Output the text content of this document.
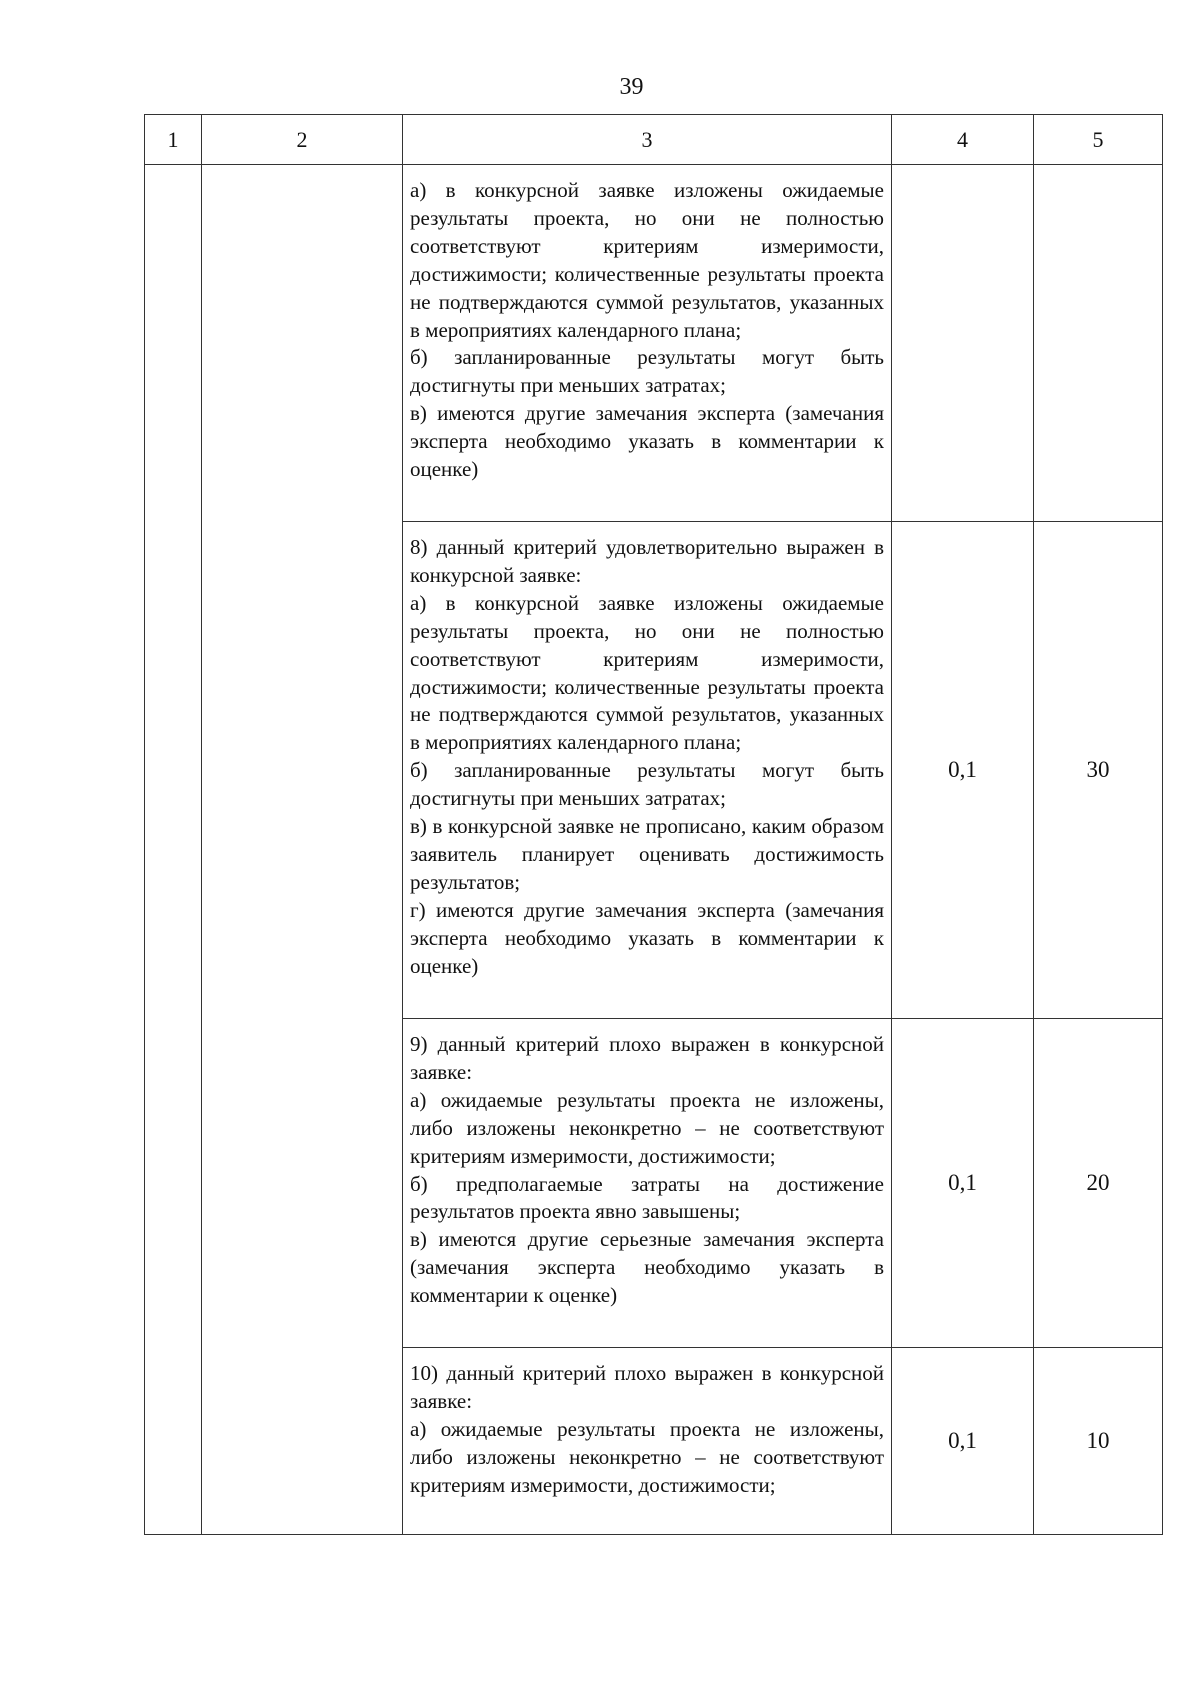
39
1	2	3	4	5

		а) в конкурсной заявке изложены ожидаемые результаты проекта, но они не полностью соответствуют критериям измеримости, достижимости; количественные результаты проекта не подтверждаются суммой результатов, указанных в мероприятиях календарного плана;
б) запланированные результаты могут быть достигнуты при меньших затратах;
в) имеются другие замечания эксперта (замечания эксперта необходимо указать в комментарии к оценке)		

		8) данный критерий удовлетворительно выражен в конкурсной заявке:
а) в конкурсной заявке изложены ожидаемые результаты проекта, но они не полностью соответствуют критериям измеримости, достижимости; количественные результаты проекта не подтверждаются суммой результатов, указанных в мероприятиях календарного плана;
б) запланированные результаты могут быть достигнуты при меньших затратах;
в) в конкурсной заявке не прописано, каким образом заявитель планирует оценивать достижимость результатов;
г) имеются другие замечания эксперта (замечания эксперта необходимо указать в комментарии к оценке)	0,1	30

		9) данный критерий плохо выражен в конкурсной заявке:
а) ожидаемые результаты проекта не изложены, либо изложены неконкретно – не соответствуют критериям измеримости, достижимости;
б) предполагаемые затраты на достижение результатов проекта явно завышены;
в) имеются другие серьезные замечания эксперта (замечания эксперта необходимо указать в комментарии к оценке)	0,1	20

		10) данный критерий плохо выражен в конкурсной заявке:
а) ожидаемые результаты проекта не изложены, либо изложены неконкретно – не соответствуют критериям измеримости, достижимости;	0,1	10
